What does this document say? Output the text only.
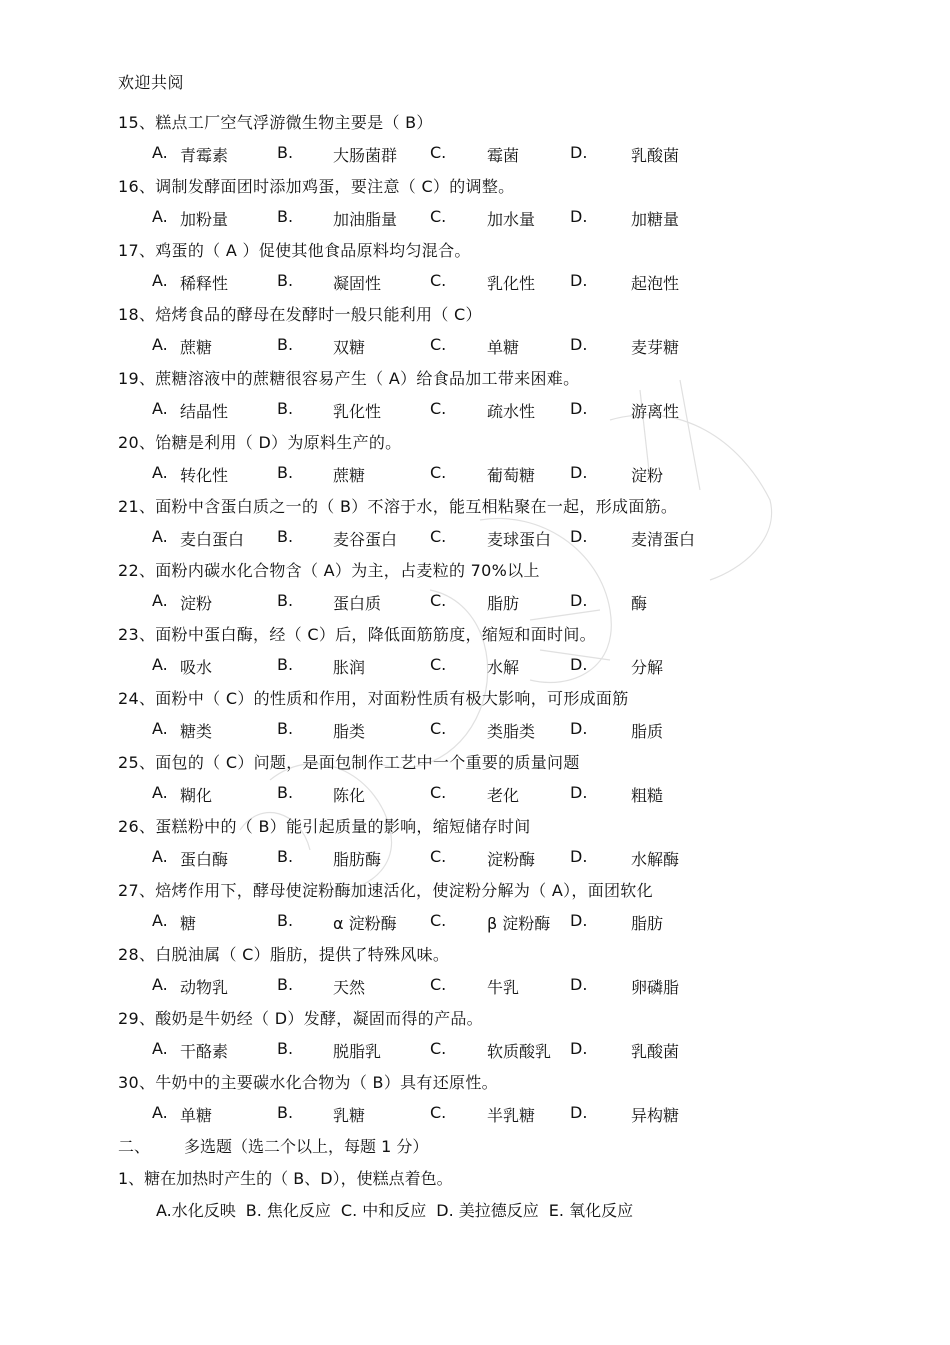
欢迎共阅
15、糕点工厂空气浮游微生物主要是（ B）
A. 青霉素	B. 大肠菌群 C.	霉菌	D.	乳酸菌
16、调制发酵面团时添加鸡蛋，要注意（ C）的调整。
A. 加粉量	B. 加油脂量 C.	加水量 D.	加糖量
17、鸡蛋的（ A ）促使其他食品原料均匀混合。
A. 稀释性	B. 凝固性	C.	乳化性 D.	起泡性
18、焙烤食品的酵母在发酵时一般只能利用（ C）
A. 蔗糖	B. 双糖	C.	单糖	D.	麦芽糖
19、蔗糖溶液中的蔗糖很容易产生（ A）给食品加工带来困难。
A. 结晶性	B. 乳化性	C.	疏水性 D.	游离性
20、饴糖是利用（ D）为原料生产的。
A. 转化性	B. 蔗糖	C.	葡萄糖 D.	淀粉
21、面粉中含蛋白质之一的（ B）不溶于水，能互相粘聚在一起，形成面筋。
A. 麦白蛋白 B. 麦谷蛋白 C.	麦球蛋白 D.	麦清蛋白
22、面粉内碳水化合物含（ A）为主，占麦粒的 70%以上
A. 淀粉	B. 蛋白质	C.	脂肪	D.	酶
23、面粉中蛋白酶，经（ C）后，降低面筋筋度，缩短和面时间。
A. 吸水	B. 胀润	C.	水解	D.	分解
24、面粉中（ C）的性质和作用，对面粉性质有极大影响，可形成面筋
A. 糖类	B. 脂类	C.	类脂类 D.	脂质
25、面包的（ C）问题，是面包制作工艺中一个重要的质量问题
A. 糊化	B. 陈化	C.	老化	D.	粗糙
26、蛋糕粉中的（ B）能引起质量的影响，缩短储存时间
A. 蛋白酶	B. 脂肪酶	C.	淀粉酶 D.	水解酶
27、焙烤作用下，酵母使淀粉酶加速活化，使淀粉分解为（ A），面团软化
A. 糖	B. α 淀粉酶 C.	β 淀粉酶 D.	脂肪
28、白脱油属（ C）脂肪，提供了特殊风味。
A. 动物乳	B. 天然	C.	牛乳	D.	卵磷脂
29、酸奶是牛奶经（ D）发酵，凝固而得的产品。
A. 干酪素	B. 脱脂乳	C.	软质酸乳 D.	乳酸菌
30、牛奶中的主要碳水化合物为（ B）具有还原性。
A. 单糖	B. 乳糖	C.	半乳糖 D.	异构糖
二、 多选题（选二个以上，每题 1 分）
1、糖在加热时产生的（ B、D），使糕点着色。
A.水化反映 B. 焦化反应 C. 中和反应 D. 美拉德反应 E. 氧化反应
